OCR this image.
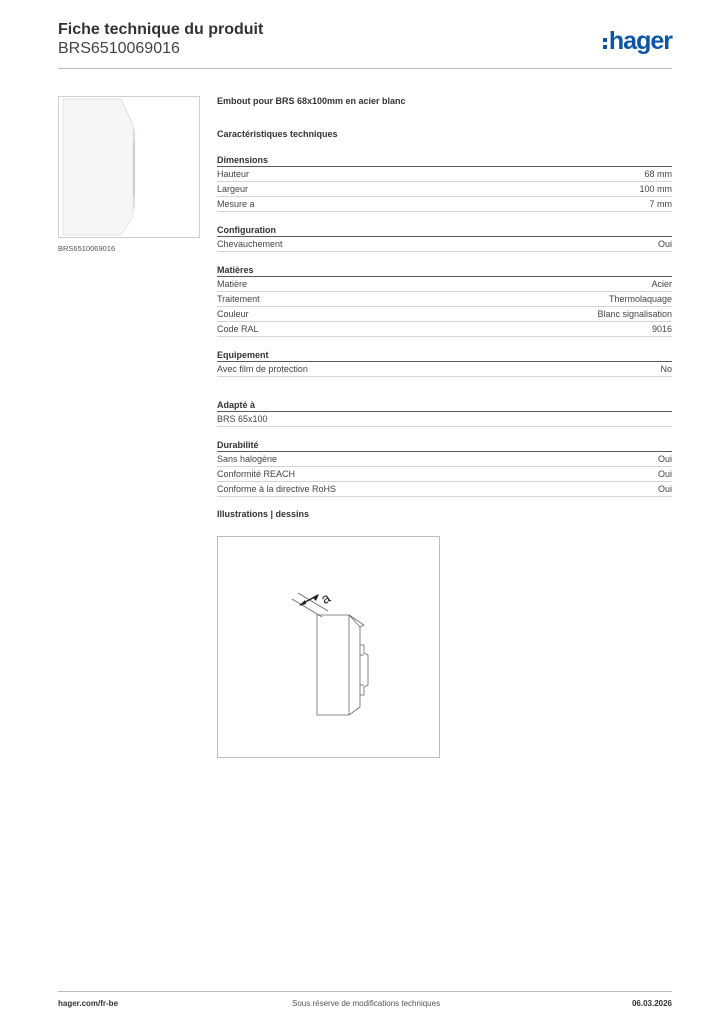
Fiche technique du produit
BRS6510069016	hager
BRS6510069016
Embout pour BRS 68x100mm en acier blanc
Caractéristiques techniques
Dimensions
Hauteur	68 mm
Largeur	100 mm
Mesure a	7 mm
Configuration
Chevauchement	Oui
Matières
Matière	Acier
Traitement	Thermolaquage
Couleur	Blanc signalisation
Code RAL	9016
Equipement
Avec film de protection	No
Adapté à
BRS 65x100
Durabilité
Sans halogène	Oui
Conformité REACH	Oui
Conforme à la directive RoHS	Oui
Illustrations | dessins
a
hager.com/fr-be	Sous réserve de modifications techniques	06.03.2026
